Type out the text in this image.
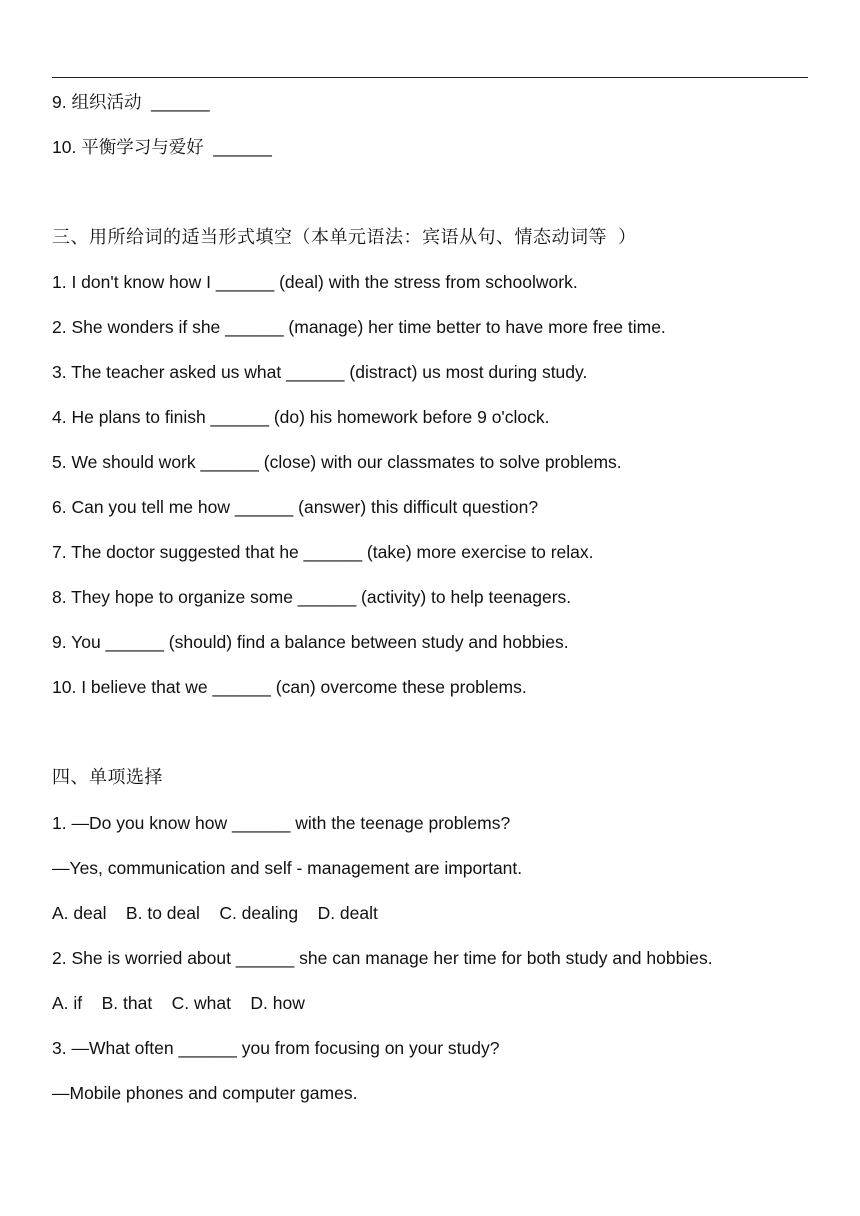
9. 组织活动  ______
10. 平衡学习与爱好  ______
三、用所给词的适当形式填空（本单元语法：宾语从句、情态动词等  ）
1. I don't know how I ______ (deal) with the stress from schoolwork.
2. She wonders if she ______ (manage) her time better to have more free time.
3. The teacher asked us what ______ (distract) us most during study.
4. He plans to finish ______ (do) his homework before 9 o'clock.
5. We should work ______ (close) with our classmates to solve problems.
6. Can you tell me how ______ (answer) this difficult question?
7. The doctor suggested that he ______ (take) more exercise to relax.
8. They hope to organize some ______ (activity) to help teenagers.
9. You ______ (should) find a balance between study and hobbies.
10. I believe that we ______ (can) overcome these problems.
四、单项选择
1. —Do you know how ______ with the teenage problems?
—Yes, communication and self - management are important.
A. deal    B. to deal    C. dealing    D. dealt
2. She is worried about ______ she can manage her time for both study and hobbies.
A. if    B. that    C. what    D. how
3. —What often ______ you from focusing on your study?
—Mobile phones and computer games.
